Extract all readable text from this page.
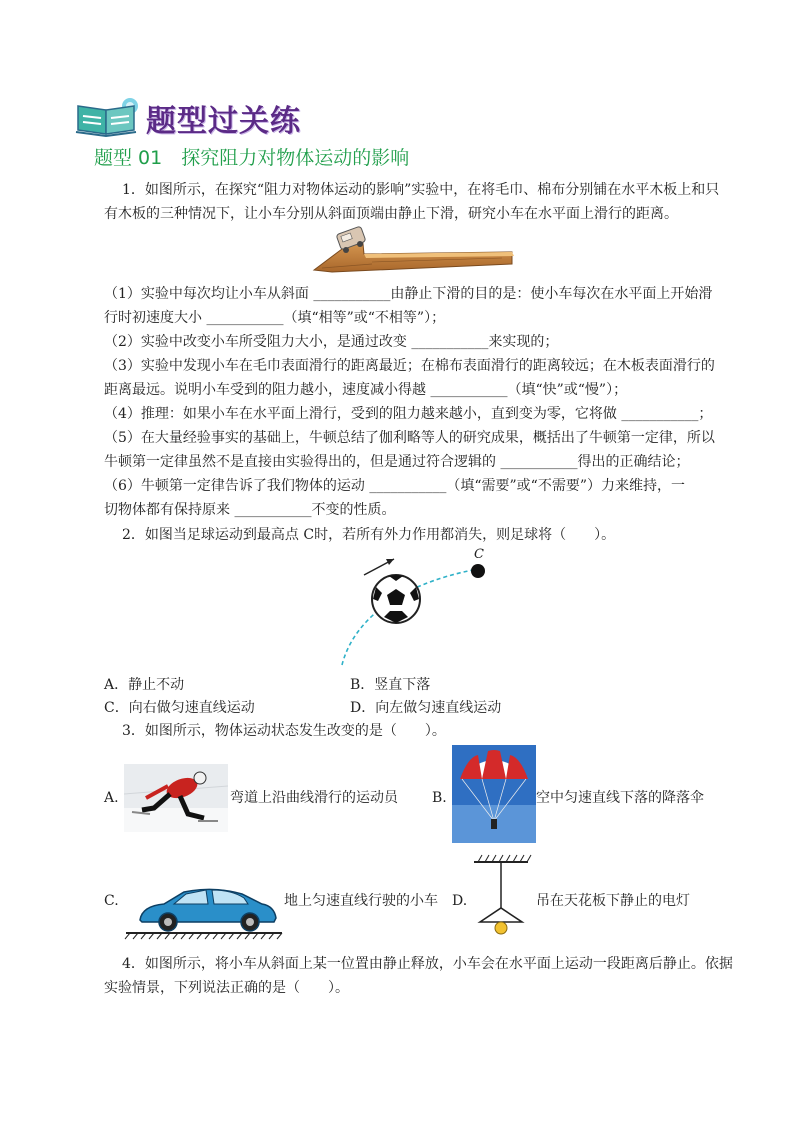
题型过关练
题型 01　探究阻力对物体运动的影响
1．如图所示，在探究“阻力对物体运动的影响”实验中，在将毛巾、棉布分别铺在水平木板上和只
有木板的三种情况下，让小车分别从斜面顶端由静止下滑，研究小车在水平面上滑行的距离。
（1）实验中每次均让小车从斜面 ___________由静止下滑的目的是：使小车每次在水平面上开始滑
行时初速度大小 ___________（填“相等”或“不相等”）；
（2）实验中改变小车所受阻力大小，是通过改变 ___________来实现的；
（3）实验中发现小车在毛巾表面滑行的距离最近；在棉布表面滑行的距离较远；在木板表面滑行的
距离最远。说明小车受到的阻力越小，速度减小得越 ___________（填“快”或“慢”）；
（4）推理：如果小车在水平面上滑行，受到的阻力越来越小，直到变为零，它将做 ___________；
（5）在大量经验事实的基础上，牛顿总结了伽利略等人的研究成果，概括出了牛顿第一定律，所以
牛顿第一定律虽然不是直接由实验得出的，但是通过符合逻辑的 ___________得出的正确结论；
（6）牛顿第一定律告诉了我们物体的运动 ___________（填“需要”或“不需要”）力来维持，一
切物体都有保持原来 ___________不变的性质。
2．如图当足球运动到最高点 C时，若所有外力作用都消失，则足球将（　　）。
C
A．静止不动	B．竖直下落
C．向右做匀速直线运动	D．向左做匀速直线运动
3．如图所示，物体运动状态发生改变的是（　　）。
A.	弯道上沿曲线滑行的运动员 B.	空中匀速直线下落的降落伞
C.	地上匀速直线行驶的小车 D.	吊在天花板下静止的电灯
4．如图所示，将小车从斜面上某一位置由静止释放，小车会在水平面上运动一段距离后静止。依据
实验情景，下列说法正确的是（　　）。
